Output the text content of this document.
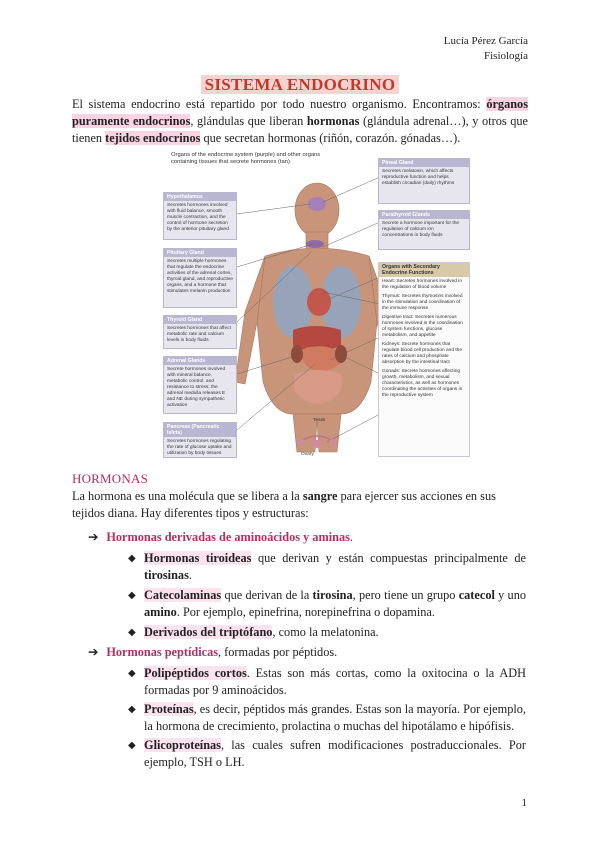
Lucía Pérez García
Fisiología
SISTEMA ENDOCRINO
El sistema endocrino está repartido por todo nuestro organismo. Encontramos: órganos puramente endocrinos, glándulas que liberan hormonas (glándula adrenal…), y otros que tienen tejidos endocrinos que secretan hormonas (riñón, corazón. gónadas…).
Organs of the endocrine system (purple) and other organs containing tissues that secrete hormones (tan)
Hypothalamus
Secretes hormones involved with fluid balance, smooth muscle contraction, and the control of hormone secretion by the anterior pituitary gland
Pituitary Gland
Secretes multiple hormones that regulate the endocrine activities of the adrenal cortex, thyroid gland, and reproductive organs, and a hormone that stimulates melanin production
Thyroid Gland
Secretes hormones that affect metabolic rate and calcium levels in body fluids
Adrenal Glands
Secrete hormones involved with mineral balance, metabolic control, and resistance to stress; the adrenal medulla releases E and NE during sympathetic activation
Pancreas (Pancreatic Islets)
Secretes hormones regulating the rate of glucose uptake and utilization by body tissues
Pineal Gland
Secretes melatonin, which affects reproductive function and helps establish circadian (daily) rhythms
Parathyroid Glands
Secrete a hormone important for the regulation of calcium ion concentrations in body fluids
Organs with Secondary Endocrine Functions
Heart: Secretes hormones involved in the regulation of blood volume
Thymus: Secretes thymosins involved in the stimulation and coordination of the immune response
Digestive tract: Secretes numerous hormones involved in the coordination of system functions, glucose metabolism, and appetite
Kidneys: Secrete hormones that regulate blood cell production and the rates of calcium and phosphate absorption by the intestinal tract
Gonads: Secrete hormones affecting growth, metabolism, and sexual characteristics, as well as hormones coordinating the activities of organs in the reproductive system
Testis
Ovary
HORMONAS
La hormona es una molécula que se libera a la sangre para ejercer sus acciones en sus tejidos diana. Hay diferentes tipos y estructuras:
➔ Hormonas derivadas de aminoácidos y aminas.
◆ Hormonas tiroideas que derivan y están compuestas principalmente de tirosinas.
◆ Catecolaminas que derivan de la tirosina, pero tiene un grupo catecol y uno amino. Por ejemplo, epinefrina, norepinefrina o dopamina.
◆ Derivados del triptófano, como la melatonina.
➔ Hormonas peptídicas, formadas por péptidos.
◆ Polipéptidos cortos. Estas son más cortas, como la oxitocina o la ADH formadas por 9 aminoácidos.
◆ Proteínas, es decir, péptidos más grandes. Estas son la mayoría. Por ejemplo, la hormona de crecimiento, prolactina o muchas del hipotálamo e hipófisis.
◆ Glicoproteínas, las cuales sufren modificaciones postraduccionales. Por ejemplo, TSH o LH.
1
